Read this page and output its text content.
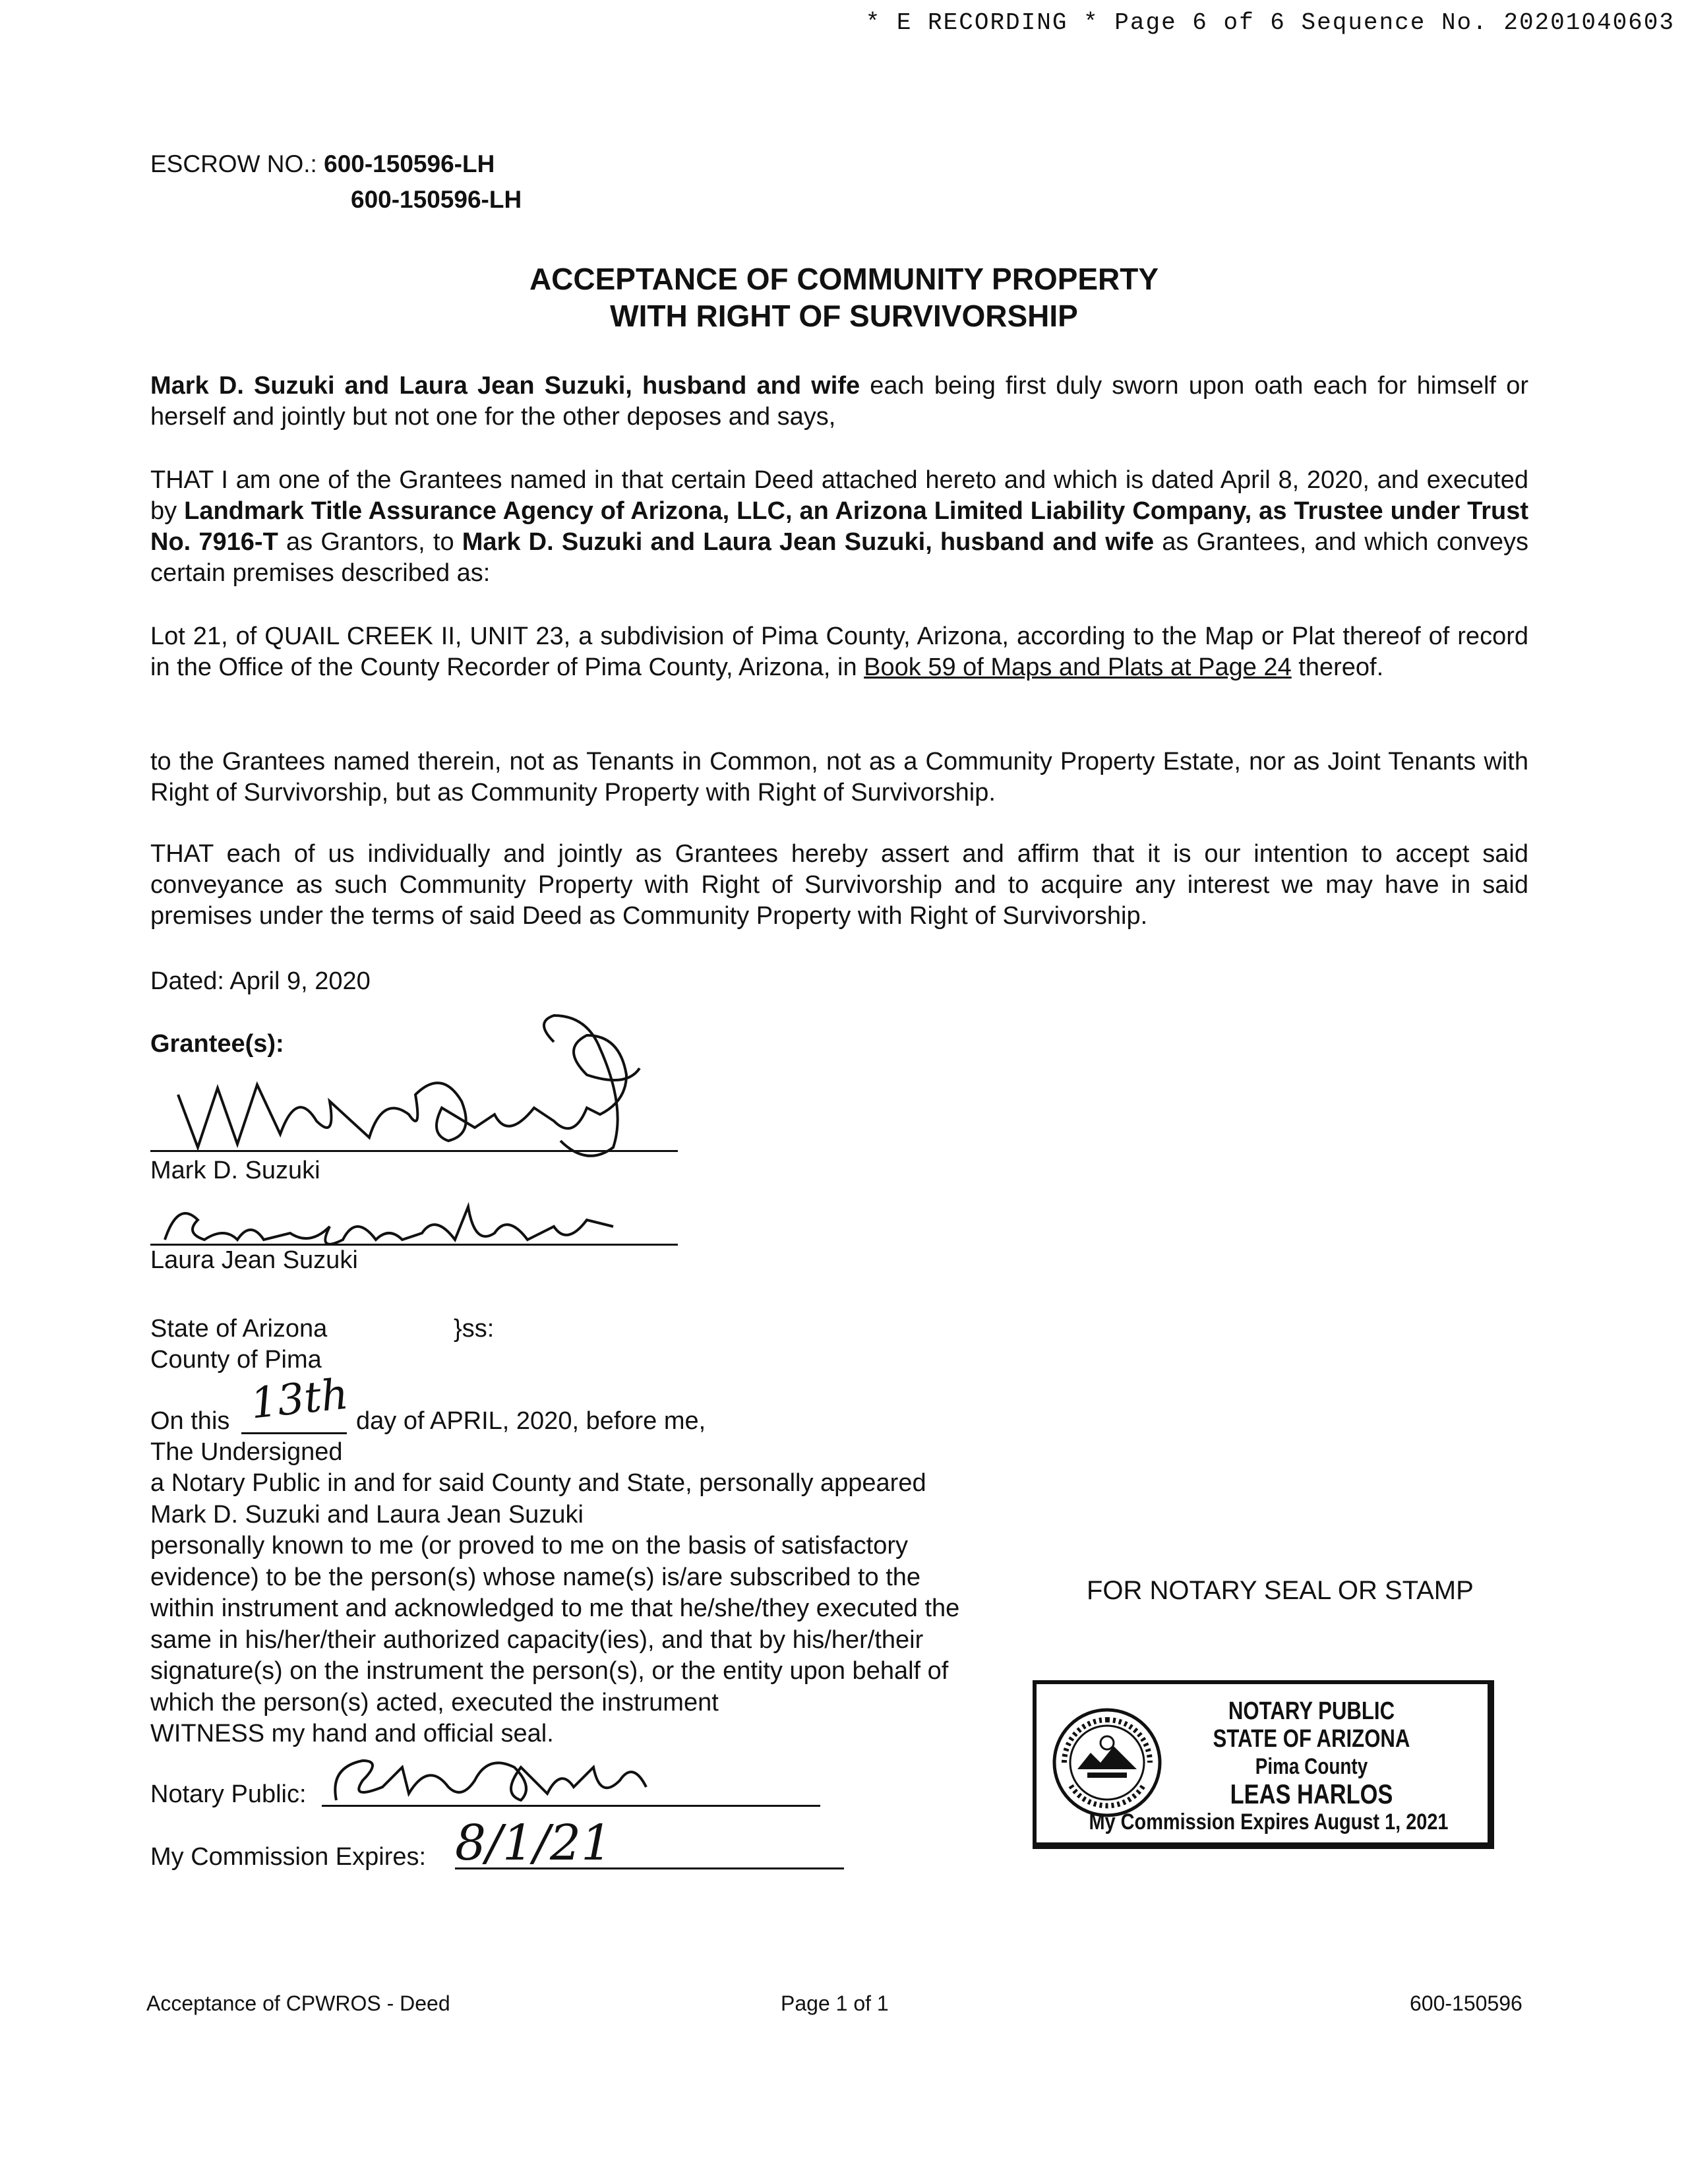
* E RECORDING * Page 6 of 6 Sequence No. 20201040603
ESCROW NO.: 600-150596-LH
600-150596-LH
ACCEPTANCE OF COMMUNITY PROPERTY
WITH RIGHT OF SURVIVORSHIP
Mark D. Suzuki and Laura Jean Suzuki, husband and wife each being first duly sworn upon oath each for himself or herself and jointly but not one for the other deposes and says,
THAT I am one of the Grantees named in that certain Deed attached hereto and which is dated April 8, 2020, and executed by Landmark Title Assurance Agency of Arizona, LLC, an Arizona Limited Liability Company, as Trustee under Trust No. 7916-T as Grantors, to Mark D. Suzuki and Laura Jean Suzuki, husband and wife as Grantees, and which conveys certain premises described as:
Lot 21, of QUAIL CREEK II, UNIT 23, a subdivision of Pima County, Arizona, according to the Map or Plat thereof of record in the Office of the County Recorder of Pima County, Arizona, in Book 59 of Maps and Plats at Page 24 thereof.
to the Grantees named therein, not as Tenants in Common, not as a Community Property Estate, nor as Joint Tenants with Right of Survivorship, but as Community Property with Right of Survivorship.
THAT each of us individually and jointly as Grantees hereby assert and affirm that it is our intention to accept said conveyance as such Community Property with Right of Survivorship and to acquire any interest we may have in said premises under the terms of said Deed as Community Property with Right of Survivorship.
Dated: April 9, 2020
Grantee(s):
Mark D. Suzuki
Laura Jean Suzuki
State of Arizona	}ss:
County of Pima
On this 13th day of APRIL, 2020, before me,
The Undersigned
a Notary Public in and for said County and State, personally appeared
Mark D. Suzuki and Laura Jean Suzuki
personally known to me (or proved to me on the basis of satisfactory
evidence) to be the person(s) whose name(s) is/are subscribed to the
within instrument and acknowledged to me that he/she/they executed the
same in his/her/their authorized capacity(ies), and that by his/her/their
signature(s) on the instrument the person(s), or the entity upon behalf of
which the person(s) acted, executed the instrument
WITNESS my hand and official seal.
Notary Public:
My Commission Expires: 8/1/21
FOR NOTARY SEAL OR STAMP
NOTARY PUBLIC
STATE OF ARIZONA
Pima County
LEAS HARLOS
My Commission Expires August 1, 2021
Acceptance of CPWROS - Deed	Page 1 of 1	600-150596
